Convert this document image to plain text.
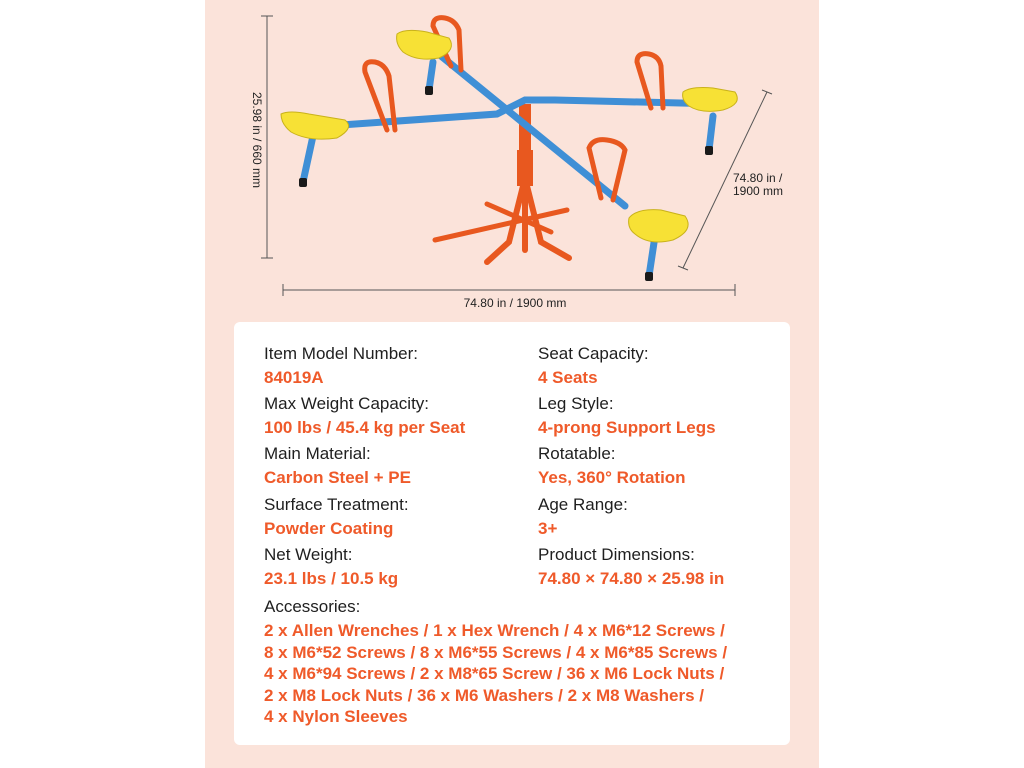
25.98 in / 660 mm	74.80 in /
1900 mm
74.80 in / 1900 mm
Item Model Number:
84019A
Max Weight Capacity:
100 lbs / 45.4 kg per Seat
Main Material:
Carbon Steel + PE
Surface Treatment:
Powder Coating
Net Weight:
23.1 lbs / 10.5 kg
Seat Capacity:
4 Seats
Leg Style:
4-prong Support Legs
Rotatable:
Yes, 360° Rotation
Age Range:
3+
Product Dimensions:
74.80 × 74.80 × 25.98 in
Accessories:
2 x Allen Wrenches / 1 x Hex Wrench / 4 x M6*12 Screws /
8 x M6*52 Screws / 8 x M6*55 Screws / 4 x M6*85 Screws /
4 x M6*94 Screws / 2 x M8*65 Screw / 36 x M6 Lock Nuts /
2 x M8 Lock Nuts / 36 x M6 Washers / 2 x M8 Washers /
4 x Nylon Sleeves
